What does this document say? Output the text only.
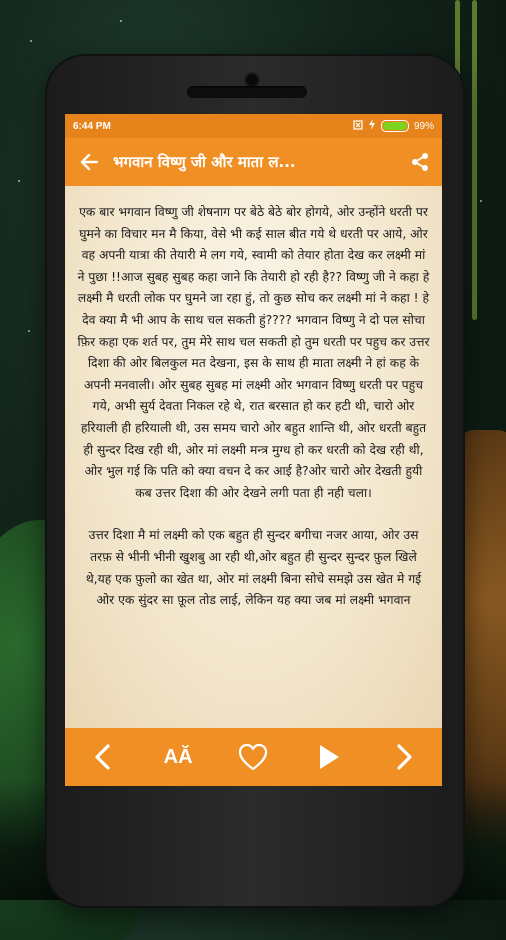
6:44 PM	99%
भगवान विष्णु जी और माता ल...

एक बार भगवान विष्णु जी शेषनाग पर बेठे बेठे बोर होगये, ओर उन्होंने धरती पर घुमने का विचार मन मै किया, वेसे भी कई साल बीत गये थे धरती पर आये, ओर वह अपनी यात्रा की तेयारी मे लग गये, स्वामी को तेयार होता देख कर लक्ष्मी मां ने पुछा !!आज सुबह सुबह कहा जाने कि तेयारी हो रही है?? विष्णु जी ने कहा हे लक्ष्मी मै धरती लोक पर घुमने जा रहा हुं, तो कुछ सोच कर लक्ष्मी मां ने कहा ! हे देव क्या मै भी आप के साथ चल सकती हुं???? भगवान विष्णु ने दो पल सोचा फ़िर कहा एक शर्त पर, तुम मेरे साथ चल सकती हो तुम धरती पर पहुच कर उत्तर दिशा की ओर बिलकुल मत देखना, इस के साथ ही माता लक्ष्मी ने हां कह के अपनी मनवाली। ओर सुबह सुबह मां लक्ष्मी ओर भगवान विष्णु धरती पर पहुच गये, अभी सुर्य देवता निकल रहे थे, रात बरसात हो कर हटी थी, चारो ओर हरियाली ही हरियाली थी, उस समय चारो ओर बहुत शान्ति थी, ओर धरती बहुत ही सुन्दर दिख रही थी, ओर मां लक्ष्मी मन्त्र मुग्ध हो कर धरती को देख रही थी, ओर भुल गई कि पति को क्या वचन दे कर आई है?ओर चारो ओर देखती हुयी कब उत्तर दिशा की ओर देखने लगी पता ही नही चला।

उत्तर दिशा मै मां लक्ष्मी को एक बहुत ही सुन्दर बगीचा नजर आया, ओर उस तरफ़ से भीनी भीनी खुशबु आ रही थी,ओर बहुत ही सुन्दर सुन्दर फ़ुल खिले थे,यह एक फ़ुलो का खेत था, ओर मां लक्ष्मी बिना सोचे समझे उस खेत मे गई ओर एक सुंदर सा फ़ूल तोड लाई, लेकिन यह क्या जब मां लक्ष्मी भगवान

AĂ
